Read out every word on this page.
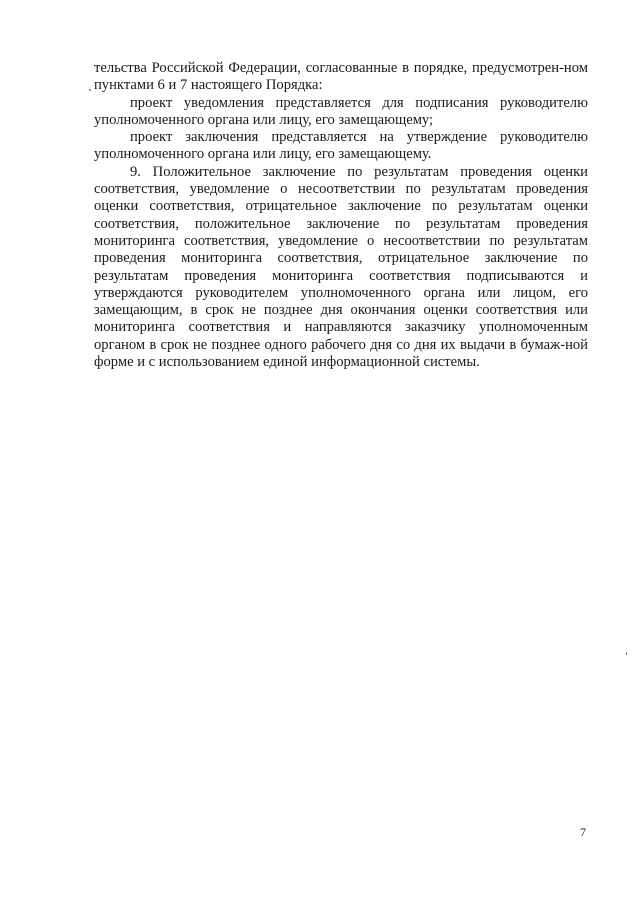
тельства Российской Федерации, согласованные в порядке, предусмотрен-ном пунктами 6 и 7 настоящего Порядка:

проект уведомления представляется для подписания руководителю уполномоченного органа или лицу, его замещающему;

проект заключения представляется на утверждение руководителю уполномоченного органа или лицу, его замещающему.

9. Положительное заключение по результатам проведения оценки соответствия, уведомление о несоответствии по результатам проведения оценки соответствия, отрицательное заключение по результатам оценки соответствия, положительное заключение по результатам проведения мониторинга соответствия, уведомление о несоответствии по результатам проведения мониторинга соответствия, отрицательное заключение по результатам проведения мониторинга соответствия подписываются и утверждаются руководителем уполномоченного органа или лицом, его замещающим, в срок не позднее дня окончания оценки соответствия или мониторинга соответствия и направляются заказчику уполномоченным органом в срок не позднее одного рабочего дня со дня их выдачи в бумаж-ной форме и с использованием единой информационной системы.

7
